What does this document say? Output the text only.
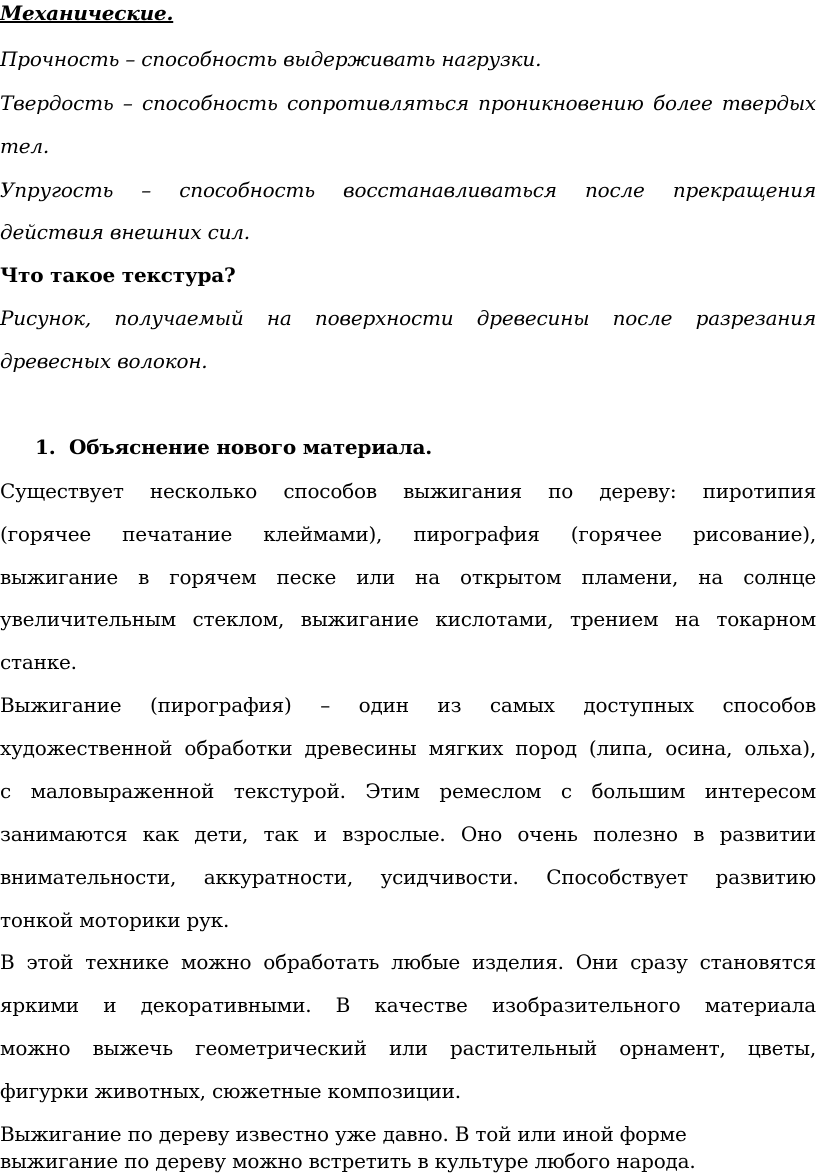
Механические.
Прочность – способность выдерживать нагрузки.
Твердость – способность сопротивляться проникновению более твердых
тел.
Упругость – способность восстанавливаться после прекращения
действия внешних сил.
Что такое текстура?
Рисунок, получаемый на поверхности древесины после разрезания
древесных волокон.
1. Объяснение нового материала.
Существует несколько способов выжигания по дереву: пиротипия
(горячее печатание клеймами), пирография (горячее рисование),
выжигание в горячем песке или на открытом пламени, на солнце
увеличительным стеклом, выжигание кислотами, трением на токарном
станке.
Выжигание (пирография) – один из самых доступных способов
художественной обработки древесины мягких пород (липа, осина, ольха),
с маловыраженной текстурой. Этим ремеслом с большим интересом
занимаются как дети, так и взрослые. Оно очень полезно в развитии
внимательности, аккуратности, усидчивости. Способствует развитию
тонкой моторики рук.
В этой технике можно обработать любые изделия. Они сразу становятся
яркими и декоративными. В качестве изобразительного материала
можно выжечь геометрический или растительный орнамент, цветы,
фигурки животных, сюжетные композиции.
Выжигание по дереву известно уже давно. В той или иной форме
выжигание по дереву можно встретить в культуре любого народа.
